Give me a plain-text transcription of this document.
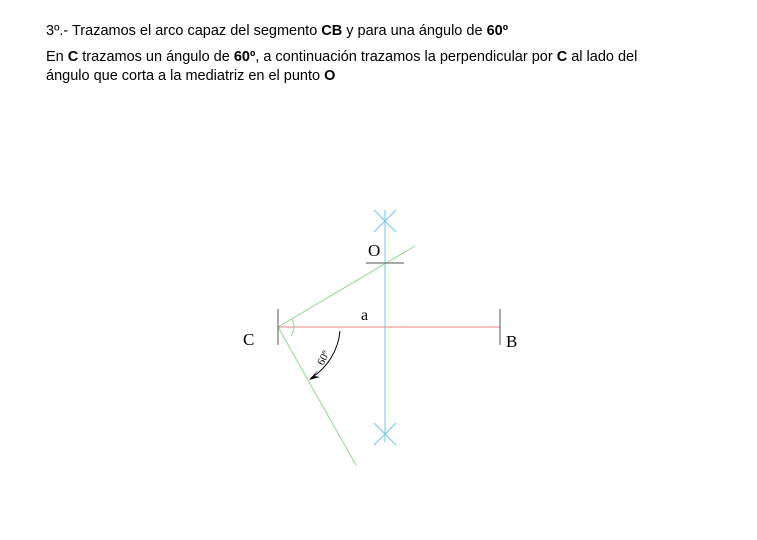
3º.- Trazamos el arco capaz del segmento CB y para una ángulo de 60º
En C trazamos un ángulo de 60º, a continuación trazamos la perpendicular por C al lado del
ángulo que corta a la mediatriz en el punto O
C	B
O
a
60º
